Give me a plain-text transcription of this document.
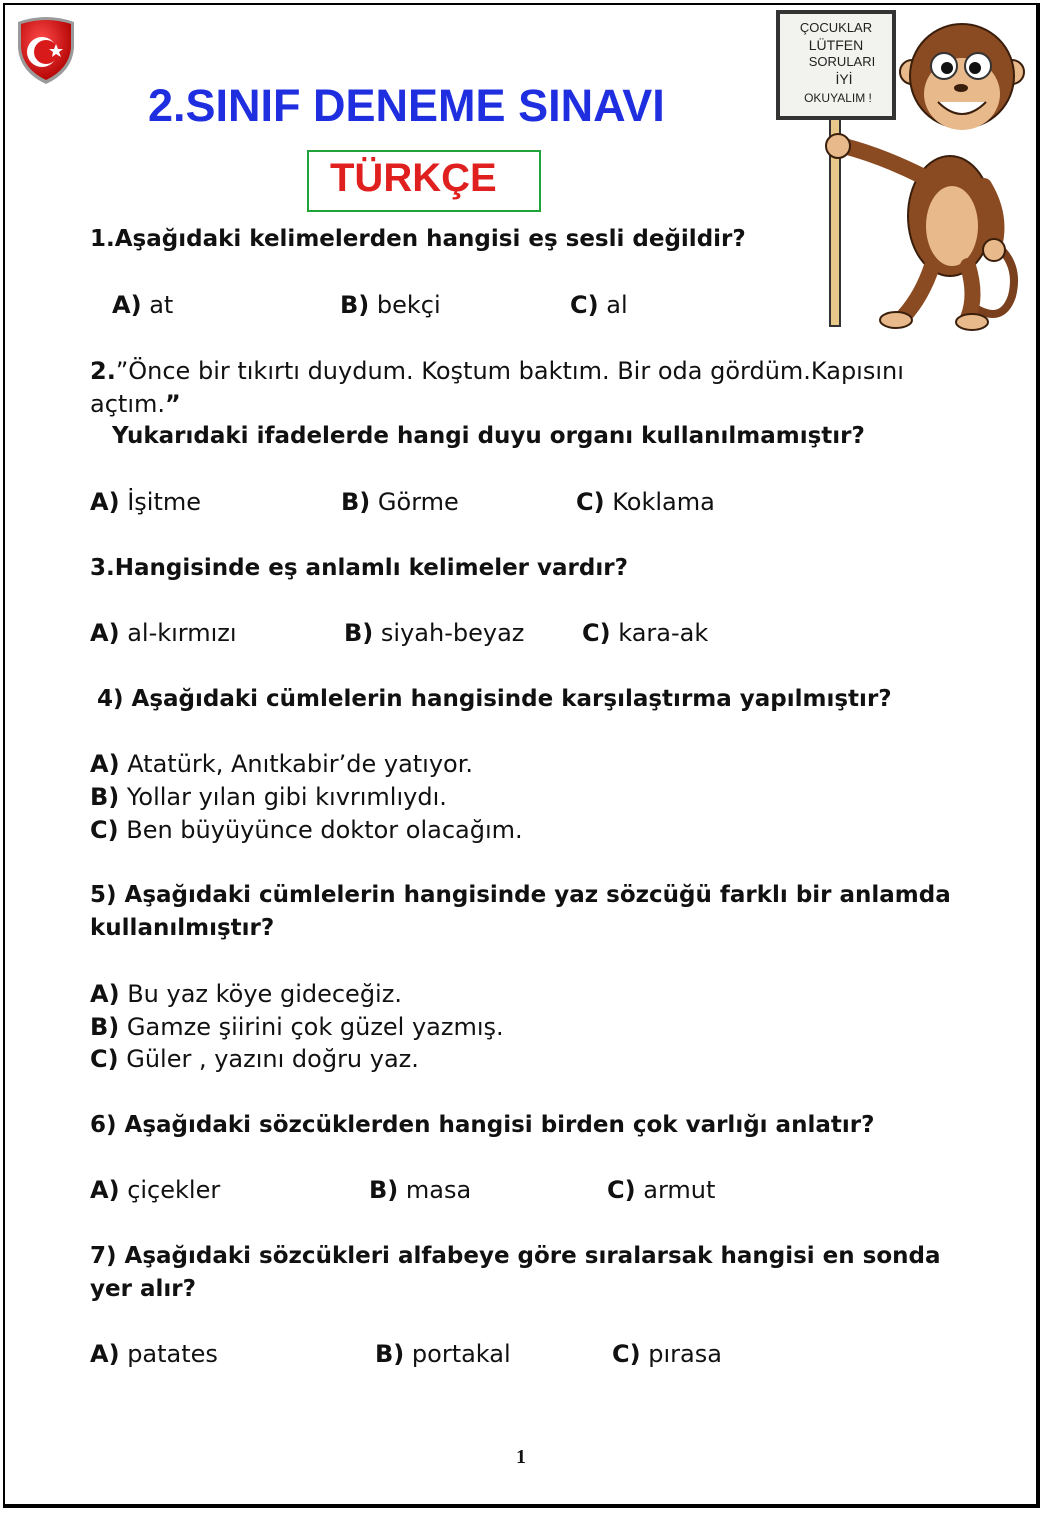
2.SINIF DENEME SINAVI
TÜRKÇE
ÇOCUKLAR
LÜTFEN
SORULARI
İYİ
OKUYALIM !
1.Aşağıdaki kelimelerden hangisi eş sesli değildir?
A) at	B) bekçi	C) al
2.”Önce bir tıkırtı duydum. Koştum baktım. Bir oda gördüm.Kapısını
açtım.”
Yukarıdaki ifadelerde hangi duyu organı kullanılmamıştır?
A) İşitme	B) Görme	C) Koklama
3.Hangisinde eş anlamlı kelimeler vardır?
A) al-kırmızı	B) siyah-beyaz C) kara-ak
4) Aşağıdaki cümlelerin hangisinde karşılaştırma yapılmıştır?
A) Atatürk, Anıtkabir’de yatıyor.
B) Yollar yılan gibi kıvrımlıydı.
C) Ben büyüyünce doktor olacağım.
5) Aşağıdaki cümlelerin hangisinde yaz sözcüğü farklı bir anlamda
kullanılmıştır?
A) Bu yaz köye gideceğiz.
B) Gamze şiirini çok güzel yazmış.
C) Güler , yazını doğru yaz.
6) Aşağıdaki sözcüklerden hangisi birden çok varlığı anlatır?
A) çiçekler	B) masa	C) armut
7) Aşağıdaki sözcükleri alfabeye göre sıralarsak hangisi en sonda
yer alır?
A) patates	B) portakal	C) pırasa
1
